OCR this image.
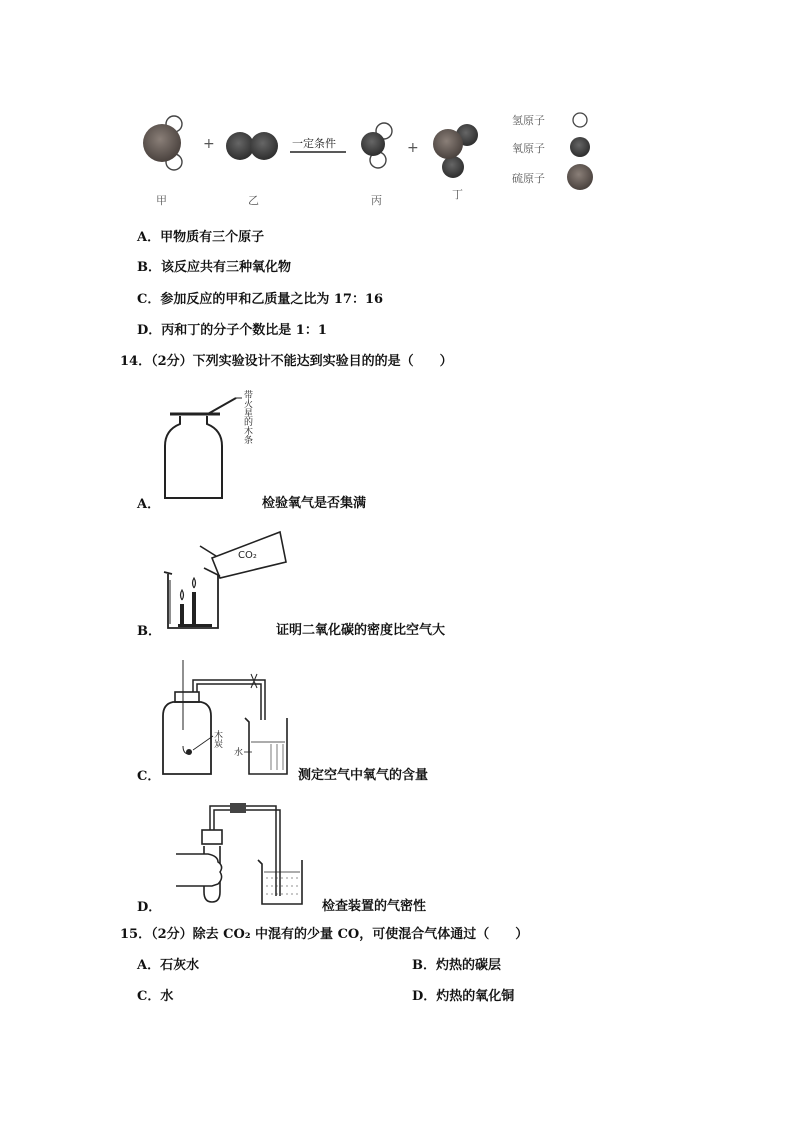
+	一定条件	+
甲	乙	丙	丁
氢原子
氧原子
硫原子
A．甲物质有三个原子
B．该反应共有三种氧化物
C．参加反应的甲和乙质量之比为 17：16
D．丙和丁的分子个数比是 1：1
14．（2分）下列实验设计不能达到实验目的的是（　　）
带火星的木条
A．	检验氧气是否集满
CO₂
B．	证明二氧化碳的密度比空气大
木炭
水
C．	测定空气中氧气的含量
D．	检查装置的气密性
15．（2分）除去 CO₂ 中混有的少量 CO，可使混合气体通过（　　）
A．石灰水	B．灼热的碳层
C．水	D．灼热的氧化铜
